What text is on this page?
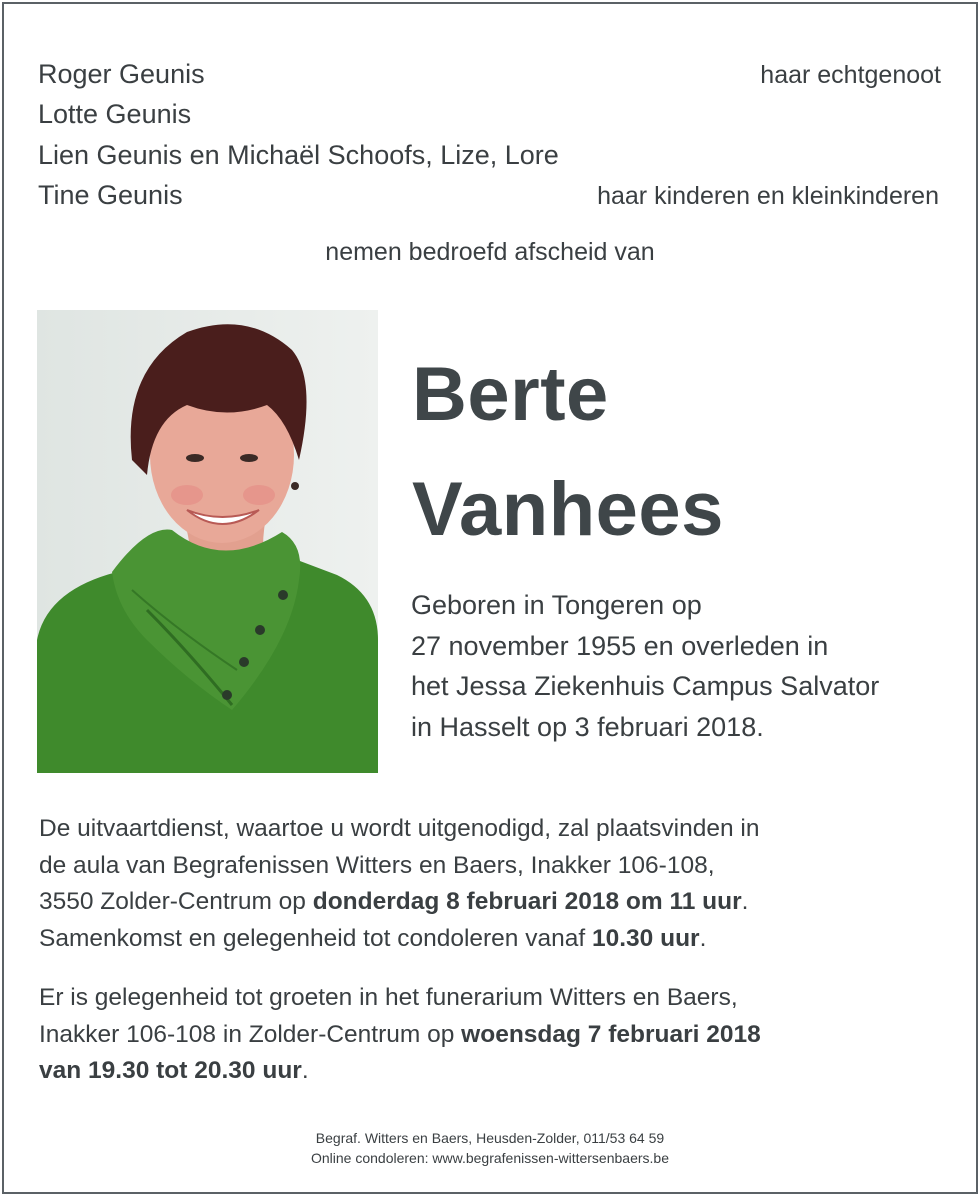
Roger Geunis	haar echtgenoot
Lotte Geunis
Lien Geunis en Michaël Schoofs, Lize, Lore
Tine Geunis	haar kinderen en kleinkinderen
nemen bedroefd afscheid van
Berte
Vanhees
Geboren in Tongeren op
27 november 1955 en overleden in
het Jessa Ziekenhuis Campus Salvator
in Hasselt op 3 februari 2018.
De uitvaartdienst, waartoe u wordt uitgenodigd, zal plaatsvinden in
de aula van Begrafenissen Witters en Baers, Inakker 106-108,
3550 Zolder-Centrum op donderdag 8 februari 2018 om 11 uur.
Samenkomst en gelegenheid tot condoleren vanaf 10.30 uur.
Er is gelegenheid tot groeten in het funerarium Witters en Baers,
Inakker 106-108 in Zolder-Centrum op woensdag 7 februari 2018
van 19.30 tot 20.30 uur.
Begraf. Witters en Baers, Heusden-Zolder, 011/53 64 59
Online condoleren: www.begrafenissen-wittersenbaers.be
